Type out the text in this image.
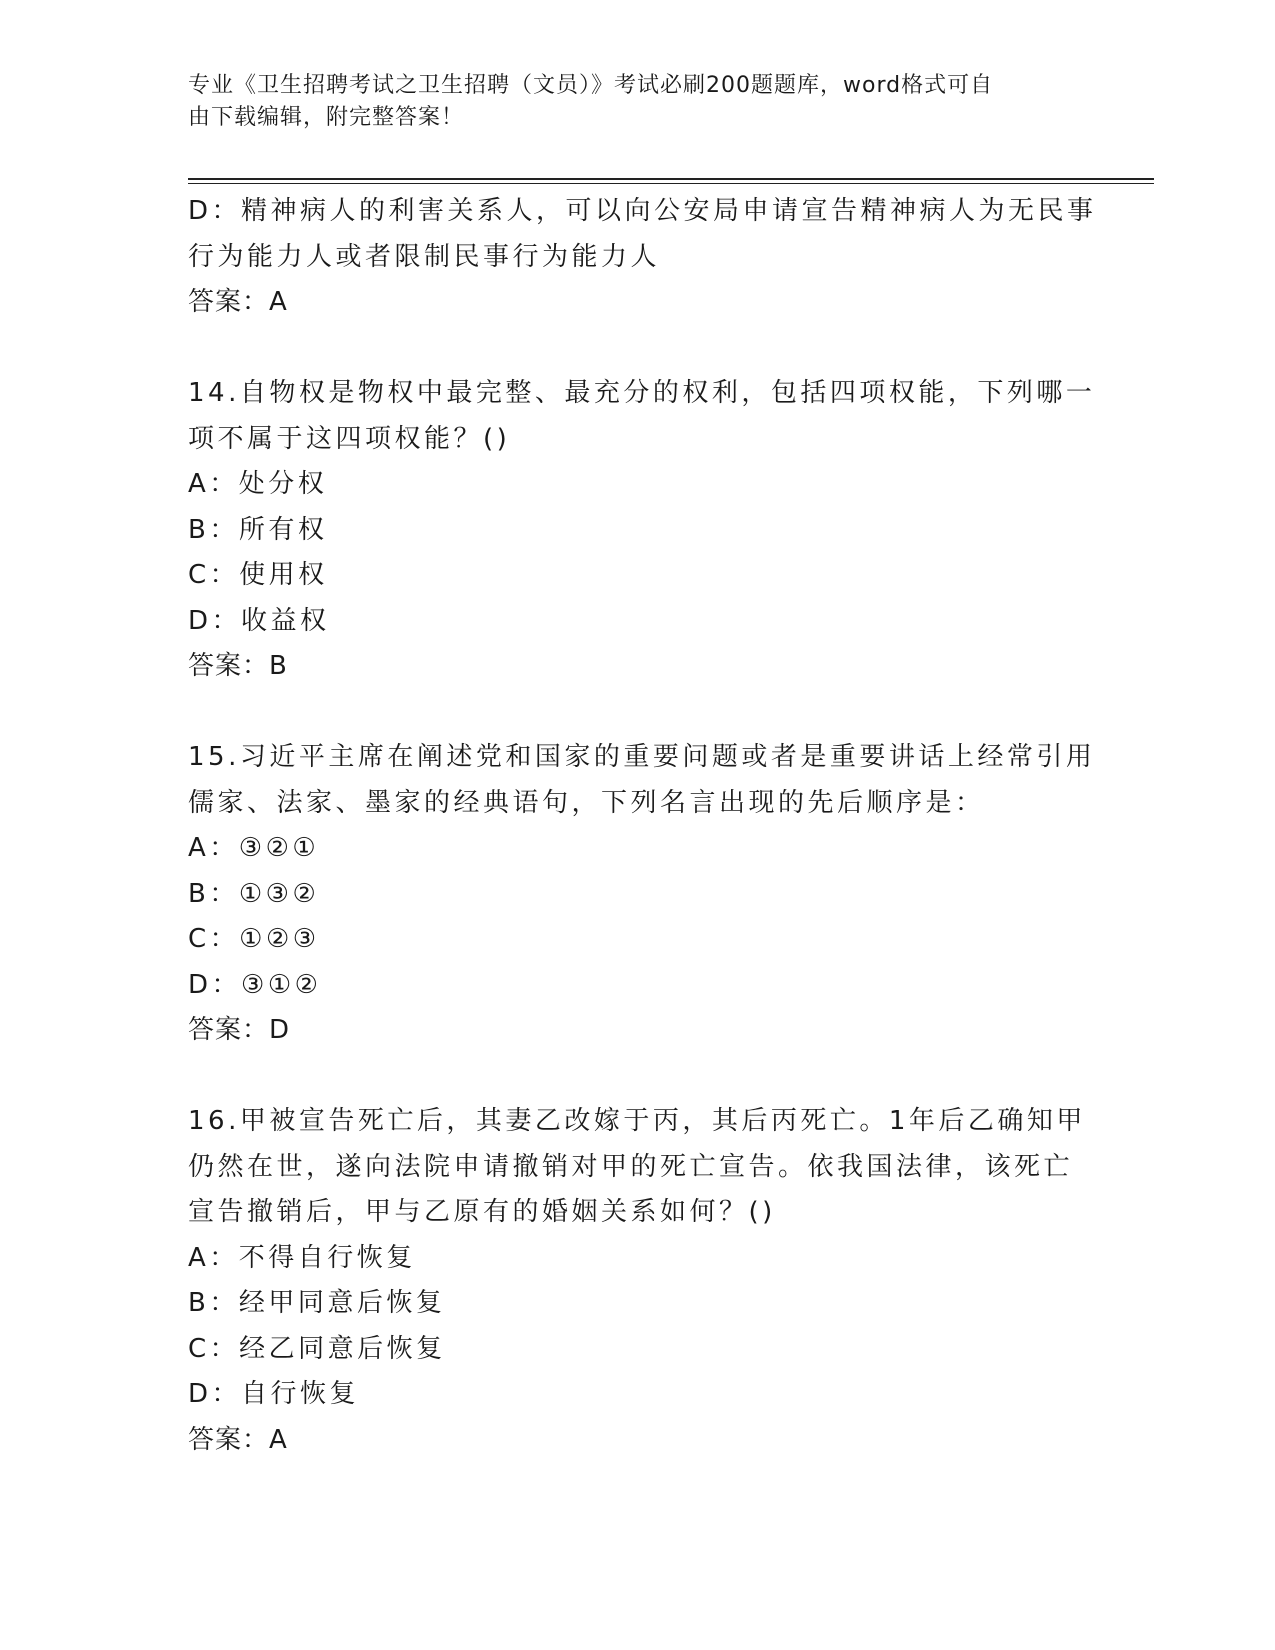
专业《卫生招聘考试之卫生招聘（文员）》考试必刷200题题库，word格式可自
由下载编辑，附完整答案！
D：精神病人的利害关系人，可以向公安局申请宣告精神病人为无民事
行为能力人或者限制民事行为能力人
答案：A
14.自物权是物权中最完整、最充分的权利，包括四项权能，下列哪一
项不属于这四项权能？()
A：处分权
B：所有权
C：使用权
D：收益权
答案：B
15.习近平主席在阐述党和国家的重要问题或者是重要讲话上经常引用
儒家、法家、墨家的经典语句，下列名言出现的先后顺序是：
A：③②①
B：①③②
C：①②③
D：③①②
答案：D
16.甲被宣告死亡后，其妻乙改嫁于丙，其后丙死亡。1年后乙确知甲
仍然在世，遂向法院申请撤销对甲的死亡宣告。依我国法律，该死亡
宣告撤销后，甲与乙原有的婚姻关系如何？()
A：不得自行恢复
B：经甲同意后恢复
C：经乙同意后恢复
D：自行恢复
答案：A
